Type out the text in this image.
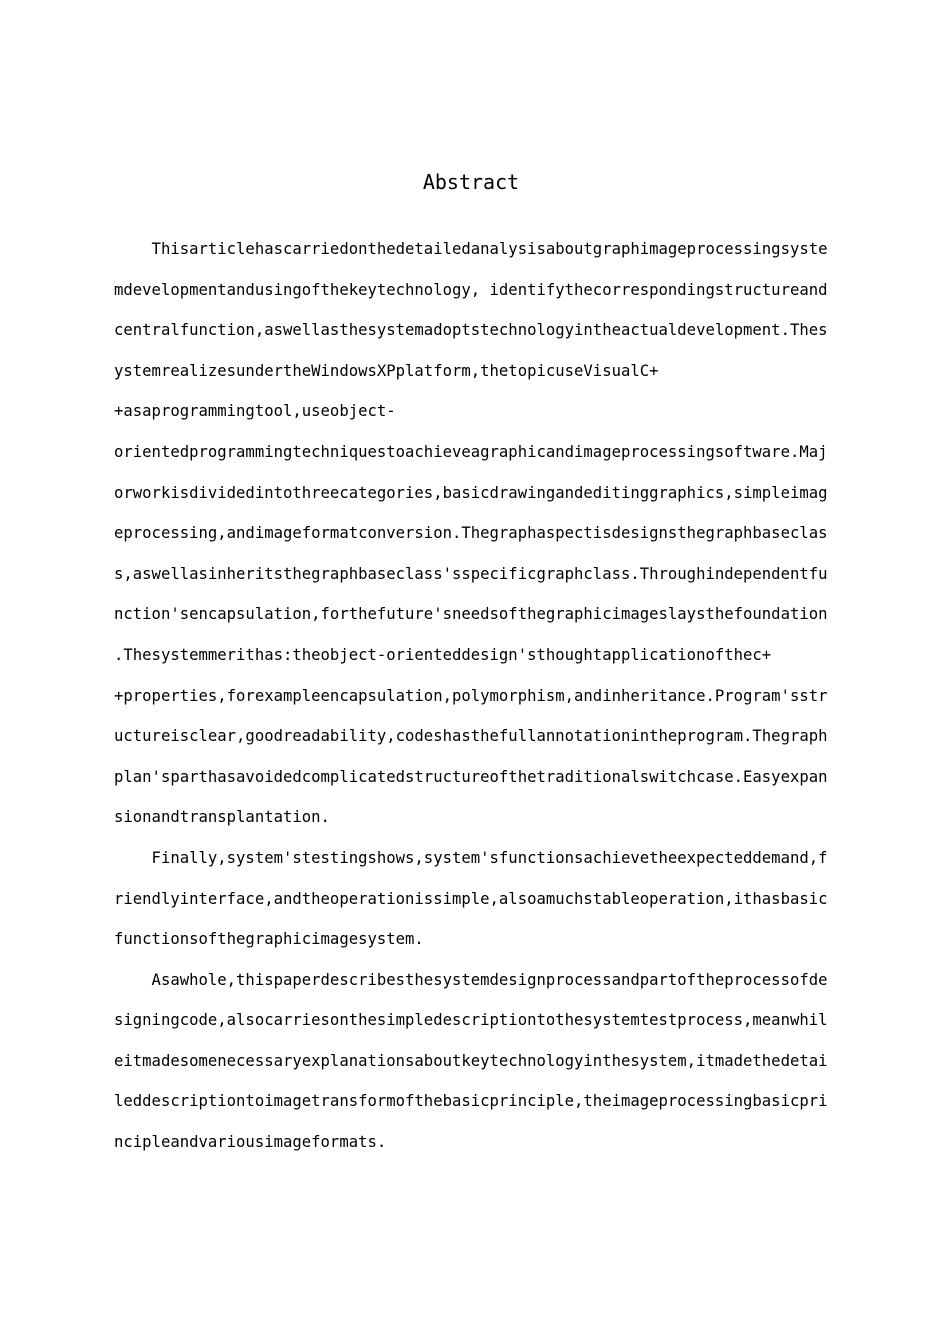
Abstract
Thisarticlehascarriedonthedetailedanalysisaboutgraphimageprocessingsyste
mdevelopmentandusingofthekeytechnology, identifythecorrespondingstructureand
centralfunction,aswellasthesystemadoptstechnologyintheactualdevelopment.Thes
ystemrealizesundertheWindowsXPplatform,thetopicuseVisualC+
+asaprogrammingtool,useobject-
orientedprogrammingtechniquestoachieveagraphicandimageprocessingsoftware.Maj
orworkisdividedintothreecategories,basicdrawingandeditinggraphics,simpleimag
eprocessing,andimageformatconversion.Thegraphaspectisdesignsthegraphbaseclas
s,aswellasinheritsthegraphbaseclass'sspecificgraphclass.Throughindependentfu
nction'sencapsulation,forthefuture'sneedsofthegraphicimageslaysthefoundation
.Thesystemmerithas:theobject-orienteddesign'sthoughtapplicationofthec+
+properties,forexampleencapsulation,polymorphism,andinheritance.Program'sstr
uctureisclear,goodreadability,codeshasthefullannotationintheprogram.Thegraph
plan'sparthasavoidedcomplicatedstructureofthetraditionalswitchcase.Easyexpan
sionandtransplantation.
Finally,system'stestingshows,system'sfunctionsachievetheexpecteddemand,f
riendlyinterface,andtheoperationissimple,alsoamuchstableoperation,ithasbasic
functionsofthegraphicimagesystem.
Asawhole,thispaperdescribesthesystemdesignprocessandpartoftheprocessofde
signingcode,alsocarriesonthesimpledescriptiontothesystemtestprocess,meanwhil
eitmadesomenecessaryexplanationsaboutkeytechnologyinthesystem,itmadethedetai
leddescriptiontoimagetransformofthebasicprinciple,theimageprocessingbasicpri
ncipleandvariousimageformats.
